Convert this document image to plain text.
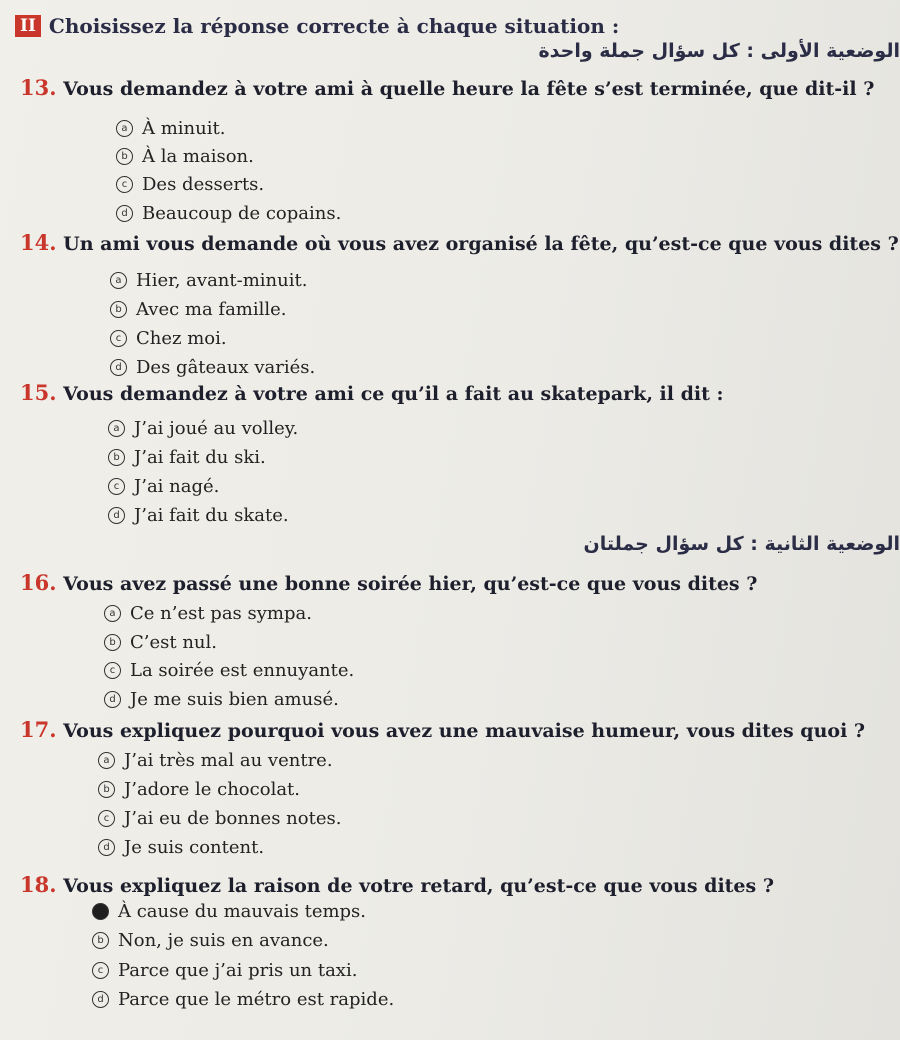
II Choisissez la réponse correcte à chaque situation :
الوضعية الأولى : كل سؤال جملة واحدة
الوضعية الثانية : كل سؤال جملتان
13. Vous demandez à votre ami à quelle heure la fête s’est terminée, que dit-il ?
a À minuit.
b À la maison.
c Des desserts.
d Beaucoup de copains.
14. Un ami vous demande où vous avez organisé la fête, qu’est-ce que vous dites ?
a Hier, avant-minuit.
b Avec ma famille.
c Chez moi.
d Des gâteaux variés.
15. Vous demandez à votre ami ce qu’il a fait au skatepark, il dit :
a J’ai joué au volley.
b J’ai fait du ski.
c J’ai nagé.
d J’ai fait du skate.
16. Vous avez passé une bonne soirée hier, qu’est-ce que vous dites ?
a Ce n’est pas sympa.
b C’est nul.
c La soirée est ennuyante.
d Je me suis bien amusé.
17. Vous expliquez pourquoi vous avez une mauvaise humeur, vous dites quoi ?
a J’ai très mal au ventre.
b J’adore le chocolat.
c J’ai eu de bonnes notes.
d Je suis content.
18. Vous expliquez la raison de votre retard, qu’est-ce que vous dites ?
a À cause du mauvais temps.
b Non, je suis en avance.
c Parce que j’ai pris un taxi.
d Parce que le métro est rapide.
